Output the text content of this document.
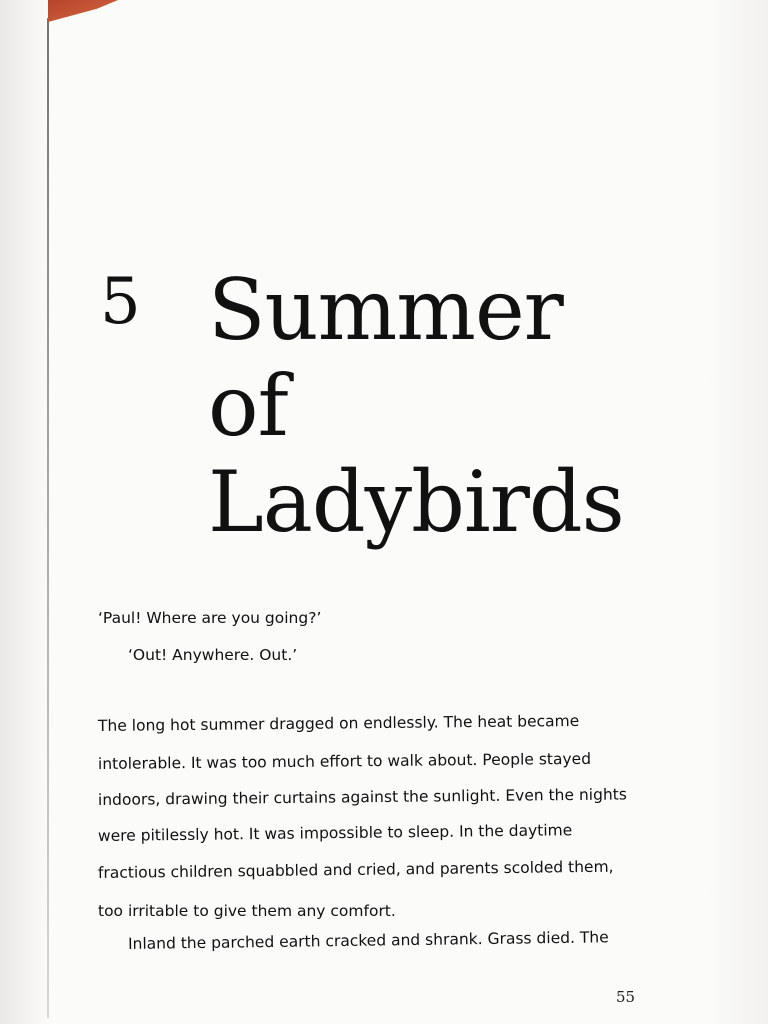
5 Summer
of
Ladybirds
‘Paul! Where are you going?’
‘Out! Anywhere. Out.’
The long hot summer dragged on endlessly. The heat became
intolerable. It was too much effort to walk about. People stayed
indoors, drawing their curtains against the sunlight. Even the nights
were pitilessly hot. It was impossible to sleep. In the daytime
fractious children squabbled and cried, and parents scolded them,
too irritable to give them any comfort.
Inland the parched earth cracked and shrank. Grass died. The
55
